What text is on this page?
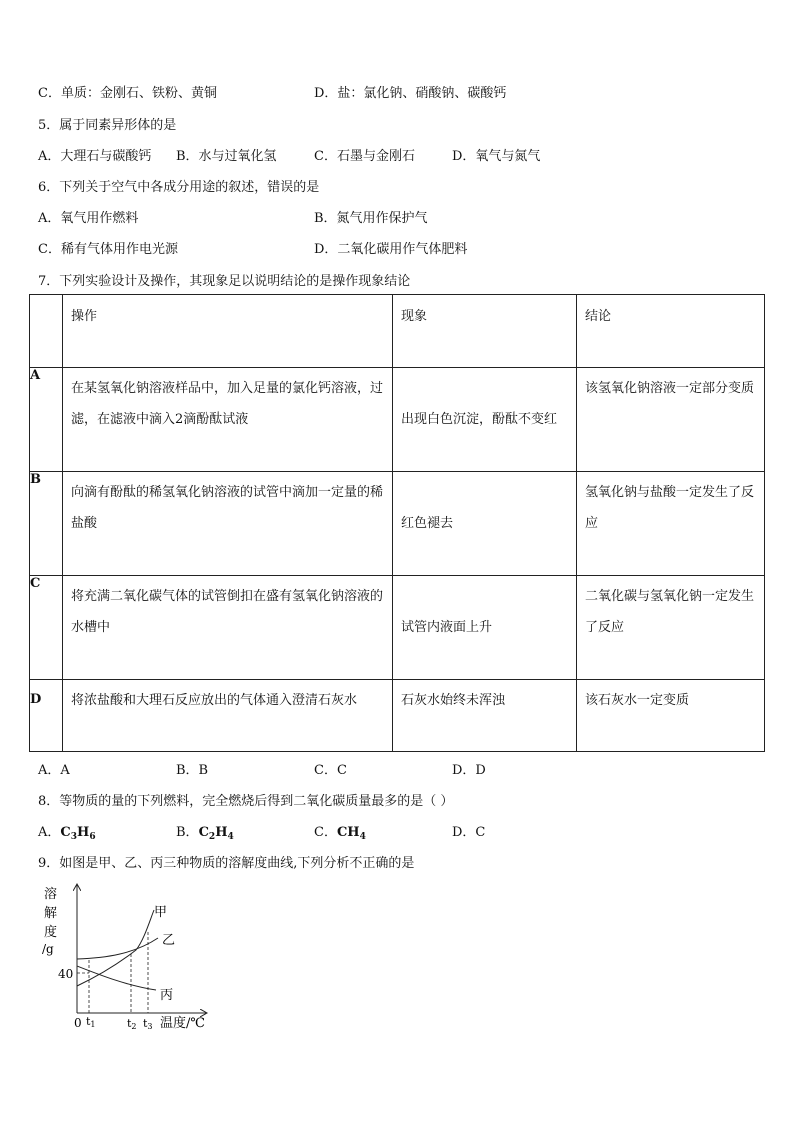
C．单质：金刚石、铁粉、黄铜	D．盐：氯化钠、硝酸钠、碳酸钙
5．属于同素异形体的是
A．大理石与碳酸钙 B．水与过氧化氢	C．石墨与金刚石	D．氧气与氮气
6．下列关于空气中各成分用途的叙述，错误的是
A．氧气用作燃料	B．氮气用作保护气
C．稀有气体用作电光源	D．二氧化碳用作气体肥料
7．下列实验设计及操作，其现象足以说明结论的是操作现象结论

	操作	现象	结论

A	在某氢氧化钠溶液样品中，加入足量的氯化钙溶液，过滤，在滤液中滴入2滴酚酞试液	出现白色沉淀，酚酞不变红	该氢氧化钠溶液一定部分变质

B	向滴有酚酞的稀氢氧化钠溶液的试管中滴加一定量的稀盐酸	红色褪去	氢氧化钠与盐酸一定发生了反应

C	将充满二氧化碳气体的试管倒扣在盛有氢氧化钠溶液的水槽中	试管内液面上升	二氧化碳与氢氧化钠一定发生了反应

D	将浓盐酸和大理石反应放出的气体通入澄清石灰水	石灰水始终未浑浊	该石灰水一定变质
A．A	B．B	C．C	D．D
8．等物质的量的下列燃料，完全燃烧后得到二氧化碳质量最多的是（ ）
A．$C_3H_6$	B．$C_2H_4$	C．$CH_4$	D．C
9．如图是甲、乙、丙三种物质的溶解度曲线,下列分析不正确的是
溶
解
度
/g
40
0
甲
乙
丙
t1	t2 t3 温度/℃
